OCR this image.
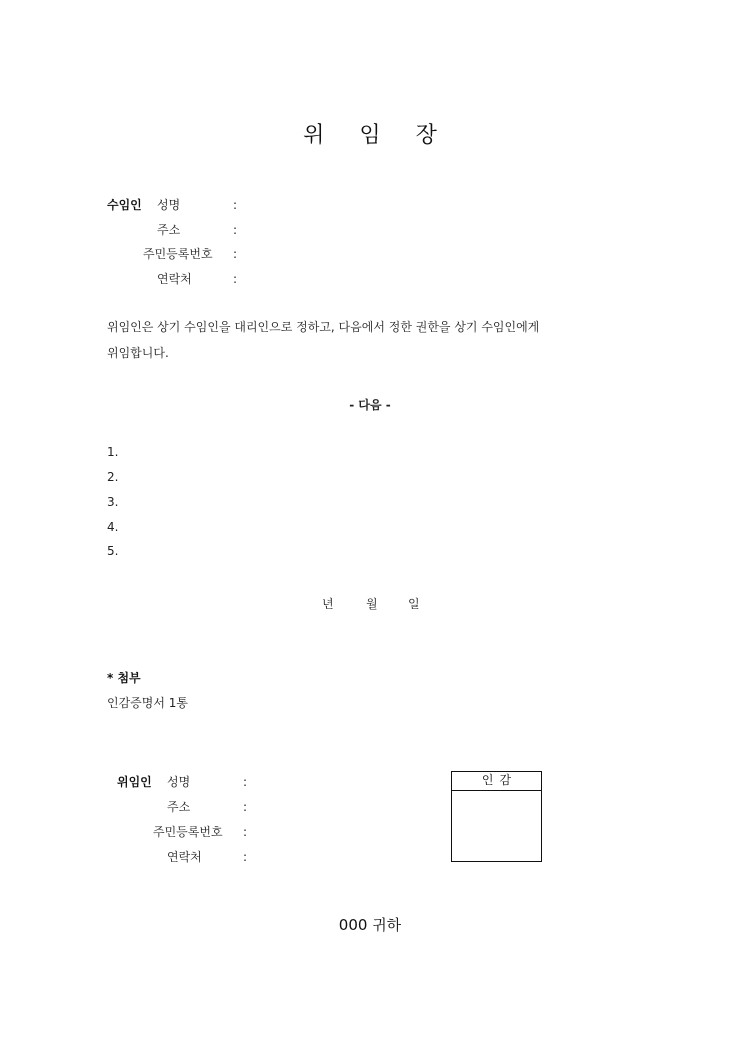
위 임 장
수임인 성명	:
주소	:
주민등록번호 :
연락처	:
위임인은 상기 수임인을 대리인으로 정하고, 다음에서 정한 권한을 상기 수임인에게
위임합니다.
- 다음 -
1.
2.
3.
4.
5.
년	월	일
* 첨부
인감증명서 1통
위임인 성명	:
주소	:
주민등록번호 :
연락처	:
인감
000 귀하
